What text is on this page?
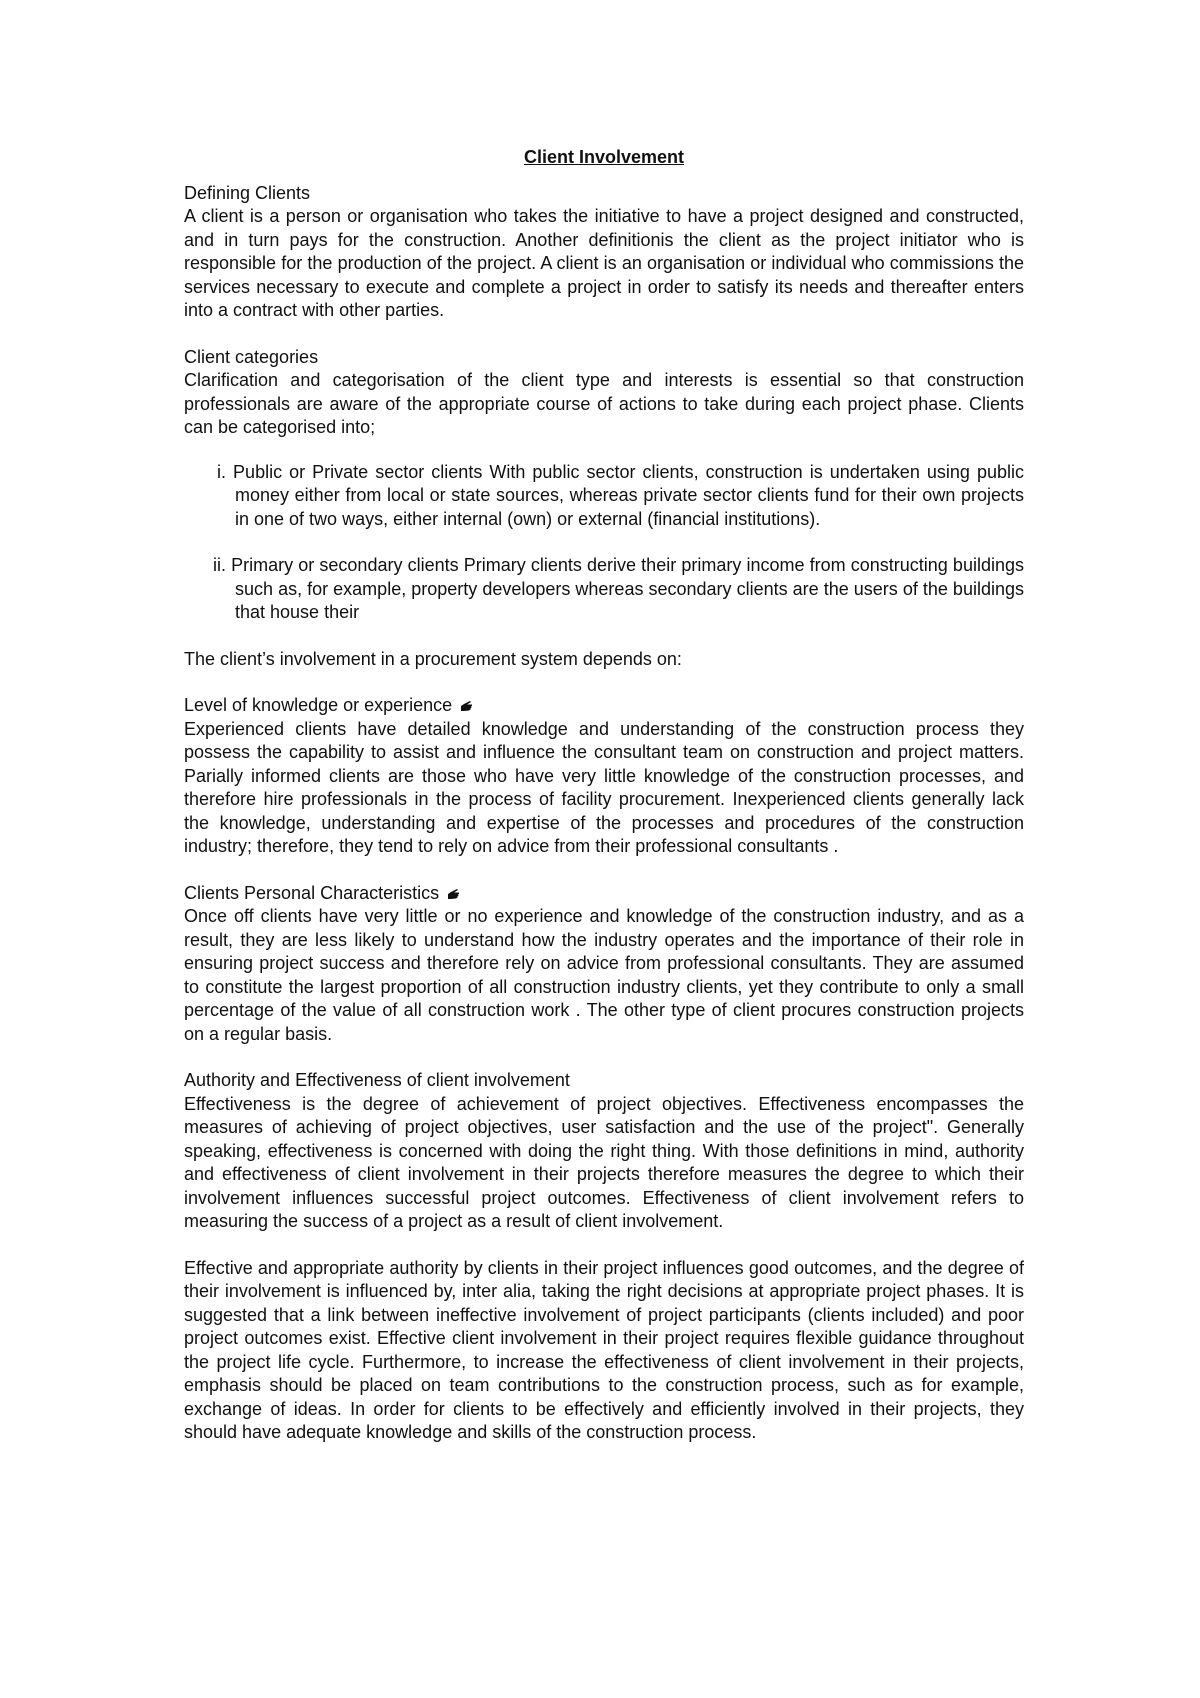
Client Involvement

Defining Clients

A client is a person or organisation who takes the initiative to have a project designed and constructed, and in turn pays for the construction. Another definitionis the client as the project initiator who is responsible for the production of the project. A client is an organisation or individual who commissions the services necessary to execute and complete a project in order to satisfy its needs and thereafter enters into a contract with other parties.

Client categories

Clarification and categorisation of the client type and interests is essential so that construction professionals are aware of the appropriate course of actions to take during each project phase. Clients can be categorised into;

i. Public or Private sector clients With public sector clients, construction is undertaken using public money either from local or state sources, whereas private sector clients fund for their own projects in one of two ways, either internal (own) or external (financial institutions).
ii. Primary or secondary clients Primary clients derive their primary income from constructing buildings such as, for example, property developers whereas secondary clients are the users of the buildings that house their

The client’s involvement in a procurement system depends on:

Level of knowledge or experience

Experienced clients have detailed knowledge and understanding of the construction process they possess the capability to assist and influence the consultant team on construction and project matters. Parially informed clients are those who have very little knowledge of the construction processes, and therefore hire professionals in the process of facility procurement. Inexperienced clients generally lack the knowledge, understanding and expertise of the processes and procedures of the construction industry; therefore, they tend to rely on advice from their professional consultants .

Clients Personal Characteristics

Once off clients have very little or no experience and knowledge of the construction industry, and as a result, they are less likely to understand how the industry operates and the importance of their role in ensuring project success and therefore rely on advice from professional consultants. They are assumed to constitute the largest proportion of all construction industry clients, yet they contribute to only a small percentage of the value of all construction work . The other type of client procures construction projects on a regular basis.

Authority and Effectiveness of client involvement

Effectiveness is the degree of achievement of project objectives. Effectiveness encompasses the measures of achieving of project objectives, user satisfaction and the use of the project". Generally speaking, effectiveness is concerned with doing the right thing. With those definitions in mind, authority and effectiveness of client involvement in their projects therefore measures the degree to which their involvement influences successful project outcomes. Effectiveness of client involvement refers to measuring the success of a project as a result of client involvement.

Effective and appropriate authority by clients in their project influences good outcomes, and the degree of their involvement is influenced by, inter alia, taking the right decisions at appropriate project phases. It is suggested that a link between ineffective involvement of project participants (clients included) and poor project outcomes exist. Effective client involvement in their project requires flexible guidance throughout the project life cycle. Furthermore, to increase the effectiveness of client involvement in their projects, emphasis should be placed on team contributions to the construction process, such as for example, exchange of ideas. In order for clients to be effectively and efficiently involved in their projects, they should have adequate knowledge and skills of the construction process.
